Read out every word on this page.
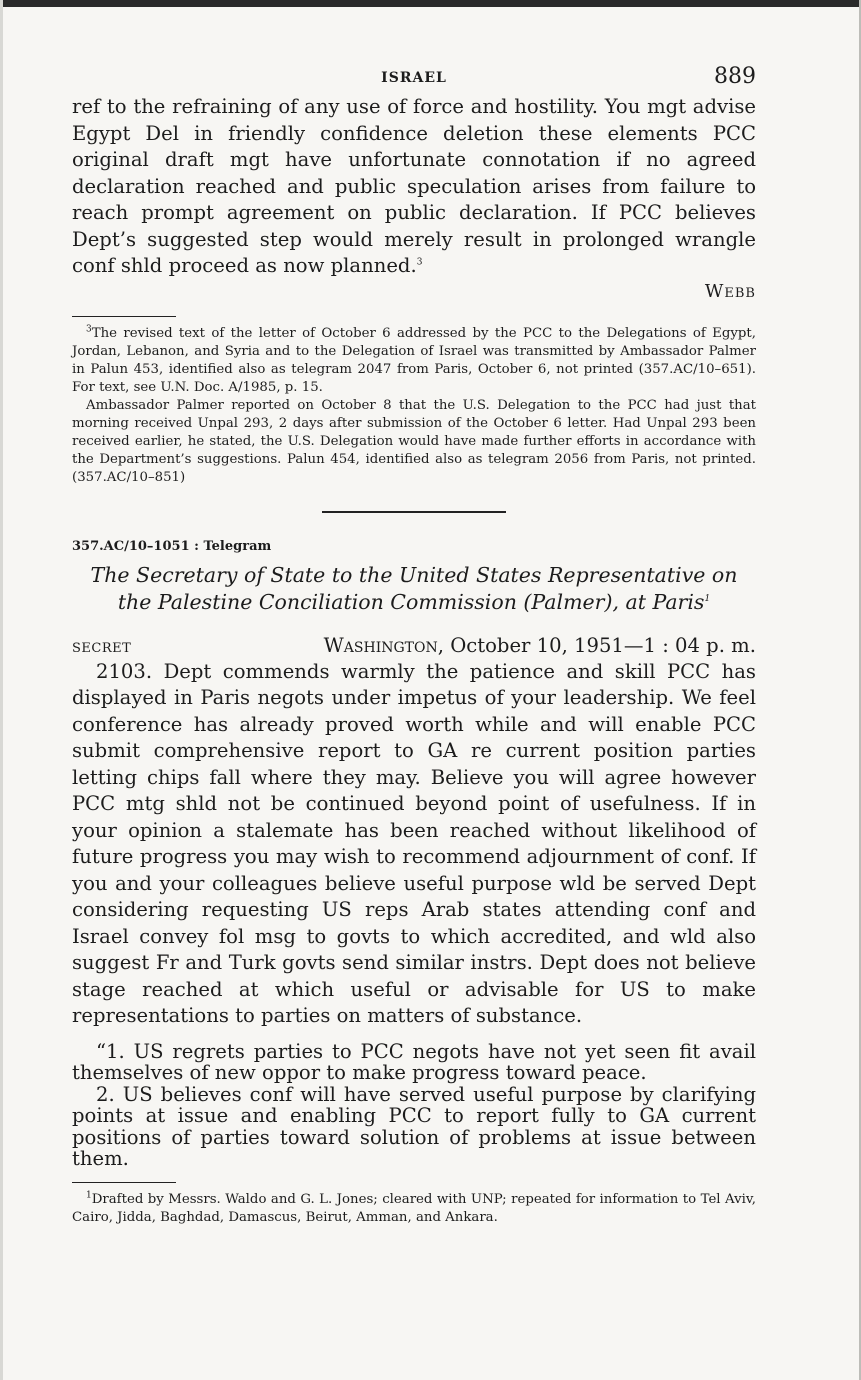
ISRAEL	889

ref to the refraining of any use of force and hostility. You mgt advise Egypt Del in friendly confidence deletion these elements PCC original draft mgt have unfortunate connotation if no agreed declaration reached and public speculation arises from failure to reach prompt agreement on public declaration. If PCC believes Dept’s suggested step would merely result in prolonged wrangle conf shld proceed as now planned.$^3$

Webb

$^3$The revised text of the letter of October 6 addressed by the PCC to the Delegations of Egypt, Jordan, Lebanon, and Syria and to the Delegation of Israel was transmitted by Ambassador Palmer in Palun 453, identified also as telegram 2047 from Paris, October 6, not printed (357.AC/10–651). For text, see U.N. Doc. A/1985, p. 15.

Ambassador Palmer reported on October 8 that the U.S. Delegation to the PCC had just that morning received Unpal 293, 2 days after submission of the October 6 letter. Had Unpal 293 been received earlier, he stated, the U.S. Delegation would have made further efforts in accordance with the Department’s suggestions. Palun 454, identified also as telegram 2056 from Paris, not printed. (357.AC/10–851)

357.AC/10–1051 : Telegram

The Secretary of State to the United States Representative on the Palestine Conciliation Commission (Palmer), at Paris$^1$

SECRET	Washington, October 10, 1951—1 : 04 p. m.

2103. Dept commends warmly the patience and skill PCC has displayed in Paris negots under impetus of your leadership. We feel conference has already proved worth while and will enable PCC submit comprehensive report to GA re current position parties letting chips fall where they may. Believe you will agree however PCC mtg shld not be continued beyond point of usefulness. If in your opinion a stalemate has been reached without likelihood of future progress you may wish to recommend adjournment of conf. If you and your colleagues believe useful purpose wld be served Dept considering requesting US reps Arab states attending conf and Israel convey fol msg to govts to which accredited, and wld also suggest Fr and Turk govts send similar instrs. Dept does not believe stage reached at which useful or advisable for US to make representations to parties on matters of substance.

“1. US regrets parties to PCC negots have not yet seen fit avail themselves of new oppor to make progress toward peace.

2. US believes conf will have served useful purpose by clarifying points at issue and enabling PCC to report fully to GA current positions of parties toward solution of problems at issue between them.

$^1$Drafted by Messrs. Waldo and G. L. Jones; cleared with UNP; repeated for information to Tel Aviv, Cairo, Jidda, Baghdad, Damascus, Beirut, Amman, and Ankara.
